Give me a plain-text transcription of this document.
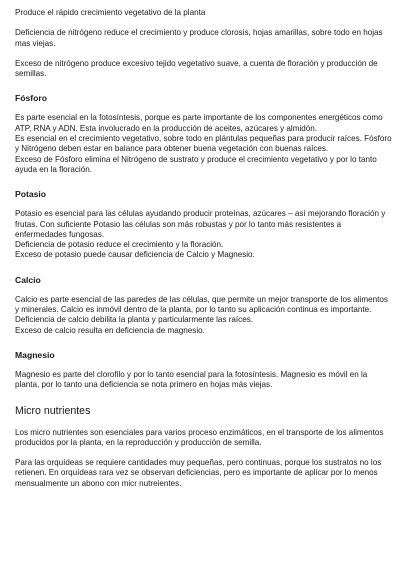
Produce el rápido crecimiento vegetativo de la planta

Deficiencia de nitrógeno reduce el crecimiento y produce clorosis, hojas amarillas, sobre todo en hojas mas viejas.

Exceso de nitrógeno produce excesivo tejido vegetativo suave, a cuenta de floración y producción de semillas.

Fósforo

Es parte esencial en la fotosíntesis, porque es parte importante de los componentes energéticos como ATP, RNA y ADN. Esta involucrado en la producción de aceites, azúcares y almidón.

Es esencial en el crecimiento vegetativo, sobre todo en plántulas pequeñas para producir raíces. Fósforo y Nitrógeno deben estar en balance para obtener buena vegetación con buenas raíces.

Exceso de Fósforo elimina el Nitrógeno de sustrato y produce el crecimiento vegetativo y por lo tanto ayuda en la floración.

Potasio

Potasio es esencial para las células ayudando producir proteínas, azúcares – así mejorando floración y frutas. Con suficiente Potasio las células son más robustas y por lo tanto más resistentes a enfermedades fungosas.

Deficiencia de potasio reduce el crecimiento y la floración.

Exceso de potasio puede causar deficiencia de Calcio y Magnesio.

Calcio

Calcio es parte esencial de las paredes de las células, que permite un mejor transporte de los alimentos y minerales. Calcio es inmóvil dentro de la planta, por lo tanto su aplicación continua es importante.

Deficiencia de calcio debilita la planta y particularmente las raíces.

Exceso de calcio resulta en deficiencia de magnesio.

Magnesio

Magnesio es parte del clorofilo y por lo tanto esencial para la fotosíntesis. Magnesio es móvil en la planta, por lo tanto una deficiencia se nota primero en hojas más viejas.

Micro nutrientes

Los micro nutrientes son esenciales para varios proceso enzimáticos, en el transporte de los alimentos producidos por la planta, en la reproducción y producción de semilla.

Para las orquídeas se requiere cantidades muy pequeñas, pero continuas, porque los sustratos no los retienen. En orquídeas rara vez se observan deficiencias, pero es importante de aplicar por lo menos mensualmente un abono con micr nutreientes.
